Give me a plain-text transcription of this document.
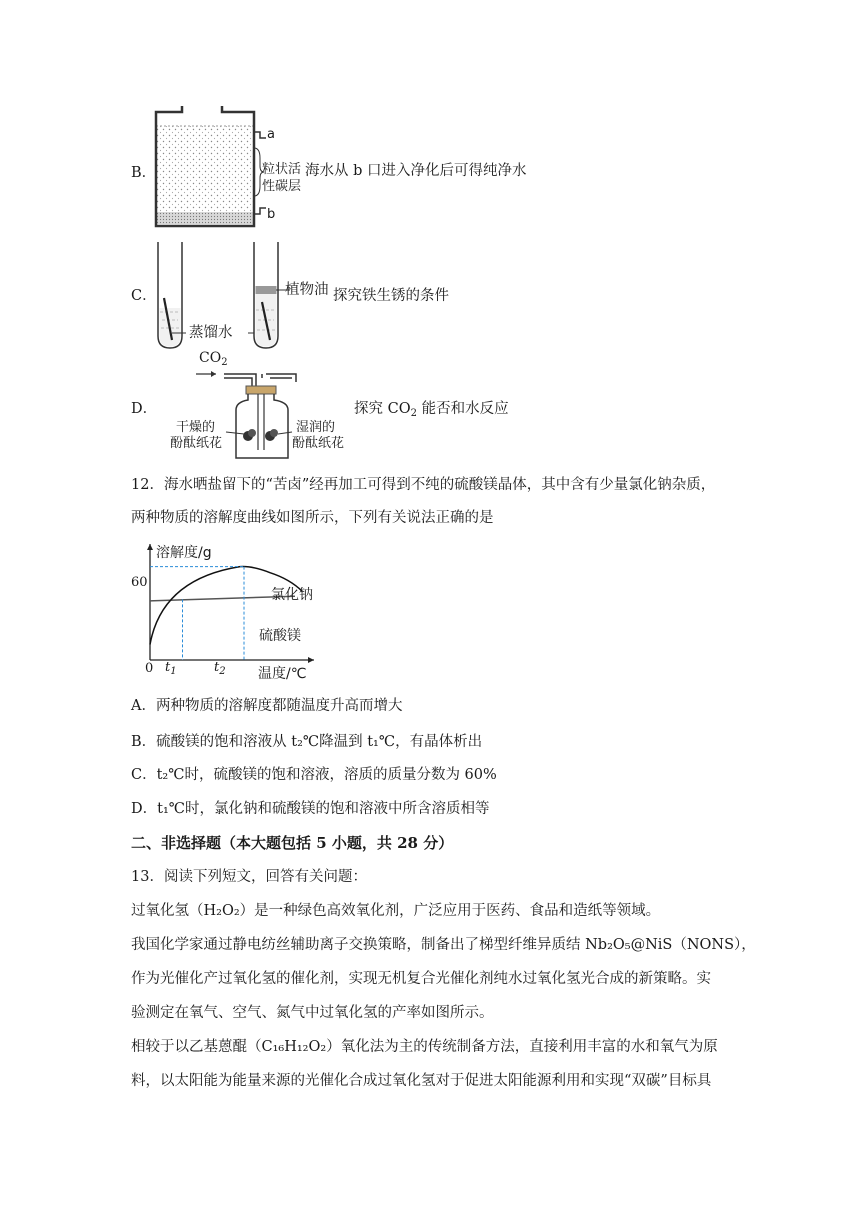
B．
a
b
粒状活
性碳层
海水从 b 口进入净化后可得纯净水
C．	植物油
蒸馏水
探究铁生锈的条件
D．
$CO_2$
干燥的
酚酞纸花
湿润的
酚酞纸花
探究 $CO_2$ 能否和水反应
12．海水晒盐留下的“苦卤”经再加工可得到不纯的硫酸镁晶体，其中含有少量氯化钠杂质，
两种物质的溶解度曲线如图所示，下列有关说法正确的是
溶解度/g
60
0 $t_1$	$t_2$ 温度/℃
氯化钠
硫酸镁
A．两种物质的溶解度都随温度升高而增大
B．硫酸镁的饱和溶液从 t₂℃降温到 t₁℃，有晶体析出
C．t₂℃时，硫酸镁的饱和溶液，溶质的质量分数为 60%
D．t₁℃时，氯化钠和硫酸镁的饱和溶液中所含溶质相等
二、非选择题（本大题包括 5 小题，共 28 分）
13．阅读下列短文，回答有关问题：
过氧化氢（H₂O₂）是一种绿色高效氧化剂，广泛应用于医药、食品和造纸等领域。
我国化学家通过静电纺丝辅助离子交换策略，制备出了梯型纤维异质结 Nb₂O₅@NiS（NONS），
作为光催化产过氧化氢的催化剂，实现无机复合光催化剂纯水过氧化氢光合成的新策略。实
验测定在氧气、空气、氮气中过氧化氢的产率如图所示。
相较于以乙基蒽醌（C₁₆H₁₂O₂）氧化法为主的传统制备方法，直接利用丰富的水和氧气为原
料，以太阳能为能量来源的光催化合成过氧化氢对于促进太阳能源利用和实现“双碳”目标具
